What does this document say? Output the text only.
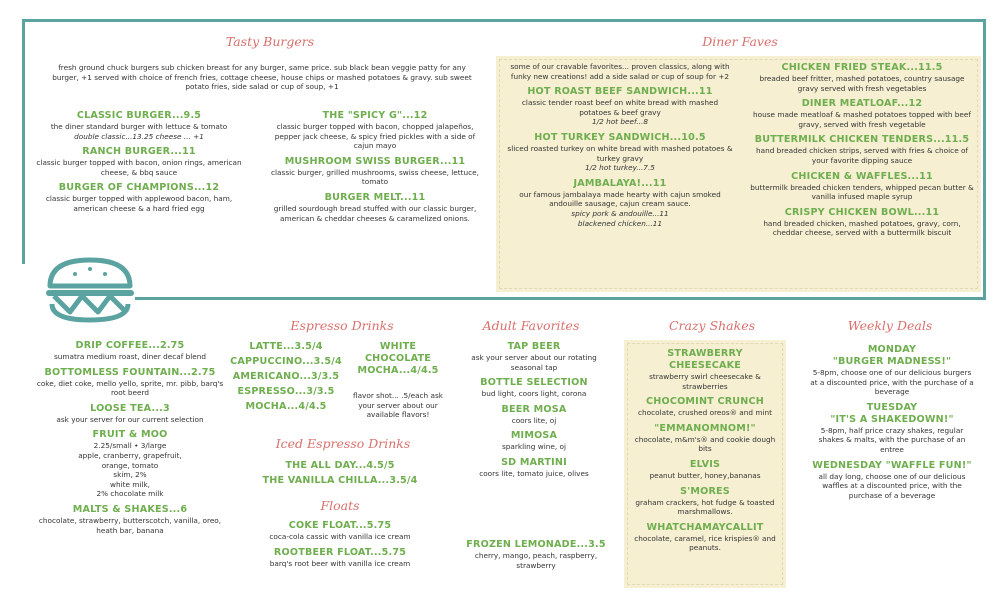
Tasty Burgers
fresh ground chuck burgers sub chicken breast for any burger, same price. sub black bean veggie patty for any burger, +1 served with choice of french fries, cottage cheese, house chips or mashed potatoes & gravy. sub sweet potato fries, side salad or cup of soup, +1
CLASSIC BURGER...9.5
the diner standard burger with lettuce & tomato
double classic...13.25 cheese ... +1
RANCH BURGER...11
classic burger topped with bacon, onion rings, american cheese, & bbq sauce
BURGER OF CHAMPIONS...12
classic burger topped with applewood bacon, ham, american cheese & a hard fried egg
THE "SPICY G"...12
classic burger topped with bacon, chopped jalapeños, pepper jack cheese, & spicy fried pickles with a side of cajun mayo
MUSHROOM SWISS BURGER...11
classic burger, grilled mushrooms, swiss cheese, lettuce, tomato
BURGER MELT...11
grilled sourdough bread stuffed with our classic burger, american & cheddar cheeses & caramelized onions.
Diner Faves
some of our cravable favorites... proven classics, along with funky new creations! add a side salad or cup of soup for +2
HOT ROAST BEEF SANDWICH...11
classic tender roast beef on white bread with mashed potatoes & beef gravy
1/2 hot beef...8
HOT TURKEY SANDWICH...10.5
sliced roasted turkey on white bread with mashed potatoes & turkey gravy
1/2 hot turkey...7.5
JAMBALAYA!...11
our famous jambalaya made hearty with cajun smoked andouille sausage, cajun cream sauce.
spicy pork & andouille...11
blackened chicken...11
CHICKEN FRIED STEAK...11.5
breaded beef fritter, mashed potatoes, country sausage gravy served with fresh vegetables
DINER MEATLOAF...12
house made meatloaf & mashed potatoes topped with beef gravy, served with fresh vegetable
BUTTERMILK CHICKEN TENDERS...11.5
hand breaded chicken strips, served with fries & choice of your favorite dipping sauce
CHICKEN & WAFFLES...11
buttermilk breaded chicken tenders, whipped pecan butter & vanilla infused maple syrup
CRISPY CHICKEN BOWL...11
hand breaded chicken, mashed potatoes, gravy, corn, cheddar cheese, served with a buttermilk biscuit
DRIP COFFEE...2.75
sumatra medium roast, diner decaf blend
BOTTOMLESS FOUNTAIN...2.75
coke, diet coke, mello yello, sprite, mr. pibb, barq's root beerd
LOOSE TEA...3
ask your server for our current selection
FRUIT & MOO
2.25/small • 3/large
apple, cranberry, grapefruit,
orange, tomato
skim, 2%
white milk,
2% chocolate milk
MALTS & SHAKES...6
chocolate, strawberry, butterscotch, vanilla, oreo, heath bar, banana
Espresso Drinks
LATTE...3.5/4
CAPPUCCINO...3.5/4
AMERICANO...3/3.5
ESPRESSO...3/3.5
MOCHA...4/4.5
WHITE CHOCOLATE MOCHA...4/4.5
flavor shot... .5/each ask your server about our available flavors!
Iced Espresso Drinks
THE ALL DAY...4.5/5
THE VANILLA CHILLA...3.5/4
Floats
COKE FLOAT...5.75
coca-cola cassic with vanilla ice cream
ROOTBEER FLOAT...5.75
barq's root beer with vanilla ice cream
Adult Favorites
TAP BEER
ask your server about our rotating seasonal tap
BOTTLE SELECTION
bud light, coors light, corona
BEER MOSA
coors lite, oj
MIMOSA
sparkling wine, oj
SD MARTINI
coors lite, tomato juice, olives
FROZEN LEMONADE...3.5
cherry, mango, peach, raspberry, strawberry
Crazy Shakes
STRAWBERRY CHEESECAKE
strawberry swirl cheesecake & strawberries
CHOCOMINT CRUNCH
chocolate, crushed oreos® and mint
"EMMANOMNOM!"
chocolate, m&m's® and cookie dough bits
ELVIS
peanut butter, honey,bananas
S'MORES
graham crackers, hot fudge & toasted marshmallows.
WHATCHAMAYCALLIT
chocolate, caramel, rice krispies® and peanuts.
Weekly Deals
MONDAY
"BURGER MADNESS!"
5-8pm, choose one of our delicious burgers at a discounted price, with the purchase of a beverage
TUESDAY
"IT'S A SHAKEDOWN!"
5-8pm, half price crazy shakes, regular shakes & malts, with the purchase of an entree
WEDNESDAY "WAFFLE FUN!"
all day long, choose one of our delicious waffles at a discounted price, with the purchase of a beverage
